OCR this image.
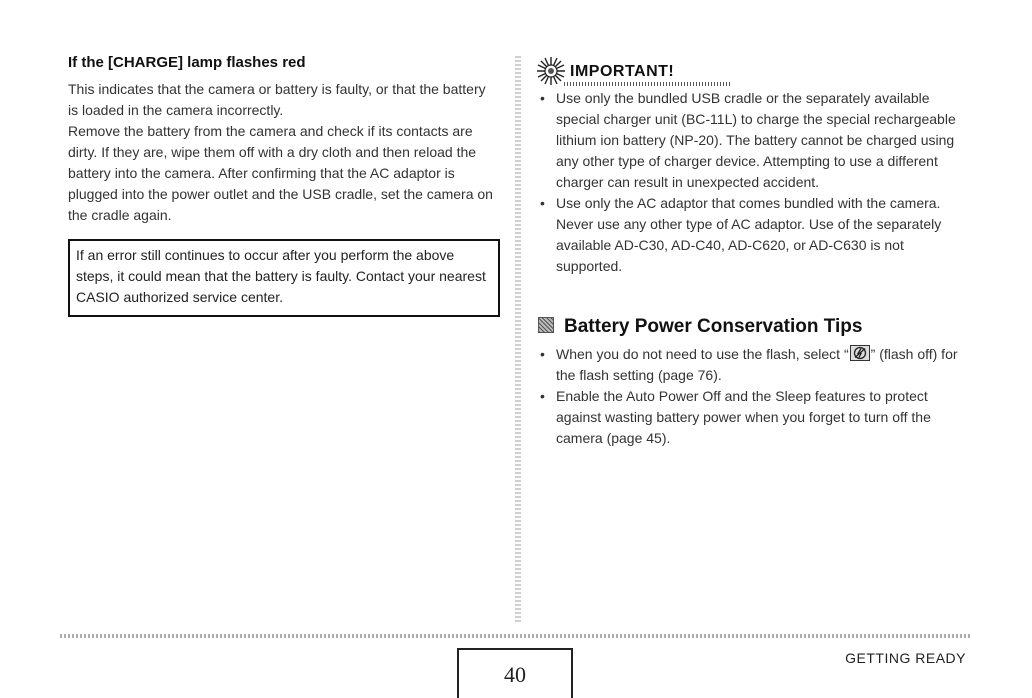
If the [CHARGE] lamp flashes red

This indicates that the camera or battery is faulty, or that the battery is loaded in the camera incorrectly.

Remove the battery from the camera and check if its contacts are dirty. If they are, wipe them off with a dry cloth and then reload the battery into the camera. After confirming that the AC adaptor is plugged into the power outlet and the USB cradle, set the camera on the cradle again.

If an error still continues to occur after you perform the above steps, it could mean that the battery is faulty. Contact your nearest CASIO authorized service center.
IMPORTANT!
• Use only the bundled USB cradle or the separately available special charger unit (BC-11L) to charge the special rechargeable lithium ion battery (NP-20). The battery cannot be charged using any other type of charger device. Attempting to use a different charger can result in unexpected accident.
• Use only the AC adaptor that comes bundled with the camera. Never use any other type of AC adaptor. Use of the separately available AD-C30, AD-C40, AD-C620, or AD-C630 is not supported.
Battery Power Conservation Tips
• When you do not need to use the flash, select “ ” (flash off) for the flash setting (page 76).
• Enable the Auto Power Off and the Sleep features to protect against wasting battery power when you forget to turn off the camera (page 45).
40
GETTING READY
